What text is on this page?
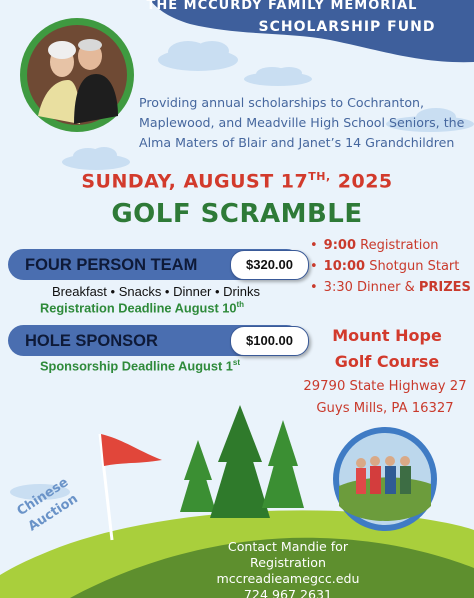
THE MCCURDY FAMILY MEMORIAL
SCHOLARSHIP FUND
Providing annual scholarships to Cochranton, Maplewood, and Meadville High School Seniors, the Alma Maters of Blair and Janet’s 14 Grandchildren
SUNDAY, AUGUST $17^{TH,}$ 2025
GOLF SCRAMBLE
FOUR PERSON TEAM	$320.00
Breakfast • Snacks • Dinner • Drinks
Registration Deadline August 10th
HOLE SPONSOR	$100.00
Sponsorship Deadline August 1st
• 9:00 Registration
• 10:00 Shotgun Start
• 3:30 Dinner & PRIZES
Mount Hope
Golf Course
29790 State Highway 27
Guys Mills, PA 16327
Chinese Auction
Contact Mandie for
Registration
mccreadieamegcc.edu
724 967 2631
